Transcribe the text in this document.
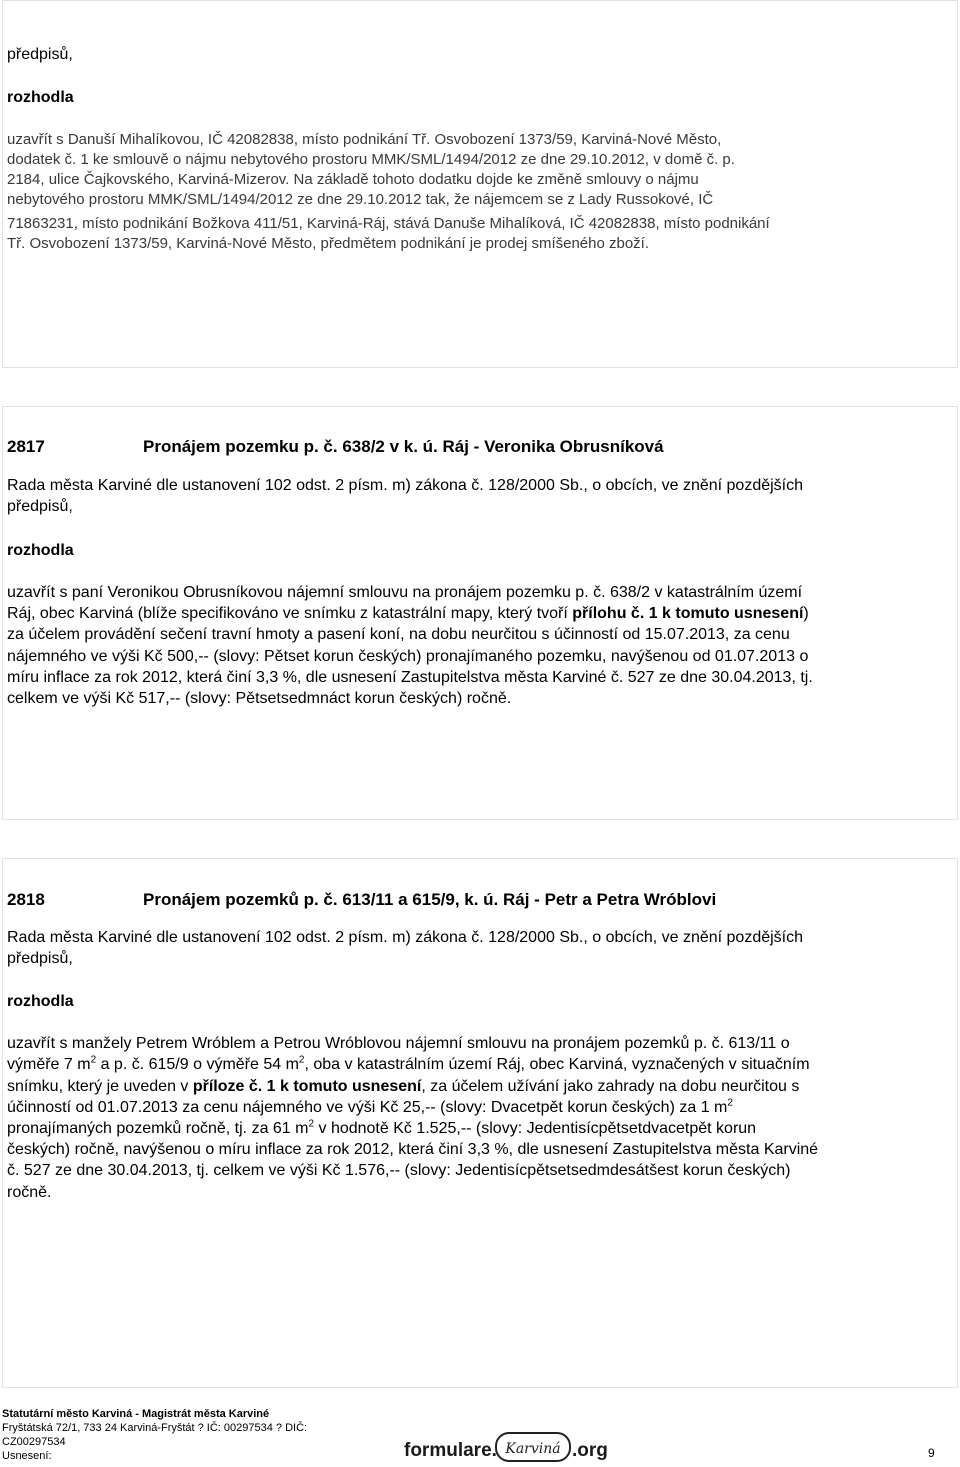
předpisů,
rozhodla
uzavřít s Danuší Mihalíkovou, IČ 42082838, místo podnikání Tř. Osvobození 1373/59, Karviná-Nové Město,
dodatek č. 1 ke smlouvě o nájmu nebytového prostoru MMK/SML/1494/2012 ze dne 29.10.2012, v domě č. p.
2184, ulice Čajkovského, Karviná-Mizerov. Na základě tohoto dodatku dojde ke změně smlouvy o nájmu
nebytového prostoru MMK/SML/1494/2012 ze dne 29.10.2012 tak, že nájemcem se z Lady Russokové, IČ
71863231, místo podnikání Božkova 411/51, Karviná-Ráj, stává Danuše Mihalíková, IČ 42082838, místo podnikání
Tř. Osvobození 1373/59, Karviná-Nové Město, předmětem podnikání je prodej smíšeného zboží.
2817	Pronájem pozemku p. č. 638/2 v k. ú. Ráj - Veronika Obrusníková
Rada města Karviné dle ustanovení 102 odst. 2 písm. m) zákona č. 128/2000 Sb., o obcích, ve znění pozdějších
předpisů,
rozhodla
uzavřít s paní Veronikou Obrusníkovou nájemní smlouvu na pronájem pozemku p. č. 638/2 v katastrálním území
Ráj, obec Karviná (blíže specifikováno ve snímku z katastrální mapy, který tvoří přílohu č. 1 k tomuto usnesení)
za účelem provádění sečení travní hmoty a pasení koní, na dobu neurčitou s účinností od 15.07.2013, za cenu
nájemného ve výši Kč 500,-- (slovy: Pětset korun českých) pronajímaného pozemku, navýšenou od 01.07.2013 o
míru inflace za rok 2012, která činí 3,3 %, dle usnesení Zastupitelstva města Karviné č. 527 ze dne 30.04.2013, tj.
celkem ve výši Kč 517,-- (slovy: Pětsetsedmnáct korun českých) ročně.
2818	Pronájem pozemků p. č. 613/11 a 615/9, k. ú. Ráj - Petr a Petra Wróblovi
Rada města Karviné dle ustanovení 102 odst. 2 písm. m) zákona č. 128/2000 Sb., o obcích, ve znění pozdějších
předpisů,
rozhodla
uzavřít s manžely Petrem Wróblem a Petrou Wróblovou nájemní smlouvu na pronájem pozemků p. č. 613/11 o
výměře 7 $m^2$ a p. č. 615/9 o výměře 54 $m^2$, oba v katastrálním území Ráj, obec Karviná, vyznačených v situačním
snímku, který je uveden v příloze č. 1 k tomuto usnesení, za účelem užívání jako zahrady na dobu neurčitou s
účinností od 01.07.2013 za cenu nájemného ve výši Kč 25,-- (slovy: Dvacetpět korun českých) za 1 $m^2$
pronajímaných pozemků ročně, tj. za 61 $m^2$ v hodnotě Kč 1.525,-- (slovy: Jedentisícpětsetdvacetpět korun
českých) ročně, navýšenou o míru inflace za rok 2012, která činí 3,3 %, dle usnesení Zastupitelstva města Karviné
č. 527 ze dne 30.04.2013, tj. celkem ve výši Kč 1.576,-- (slovy: Jedentisícpětsetsedmdesátšest korun českých)
ročně.
Statutární město Karviná - Magistrát města Karviné
Fryštátská 72/1, 733 24 Karviná-Fryštát ? IČ: 00297534 ? DIČ:
CZ00297534
Usnesení:	formulare. Karviná .org	9
